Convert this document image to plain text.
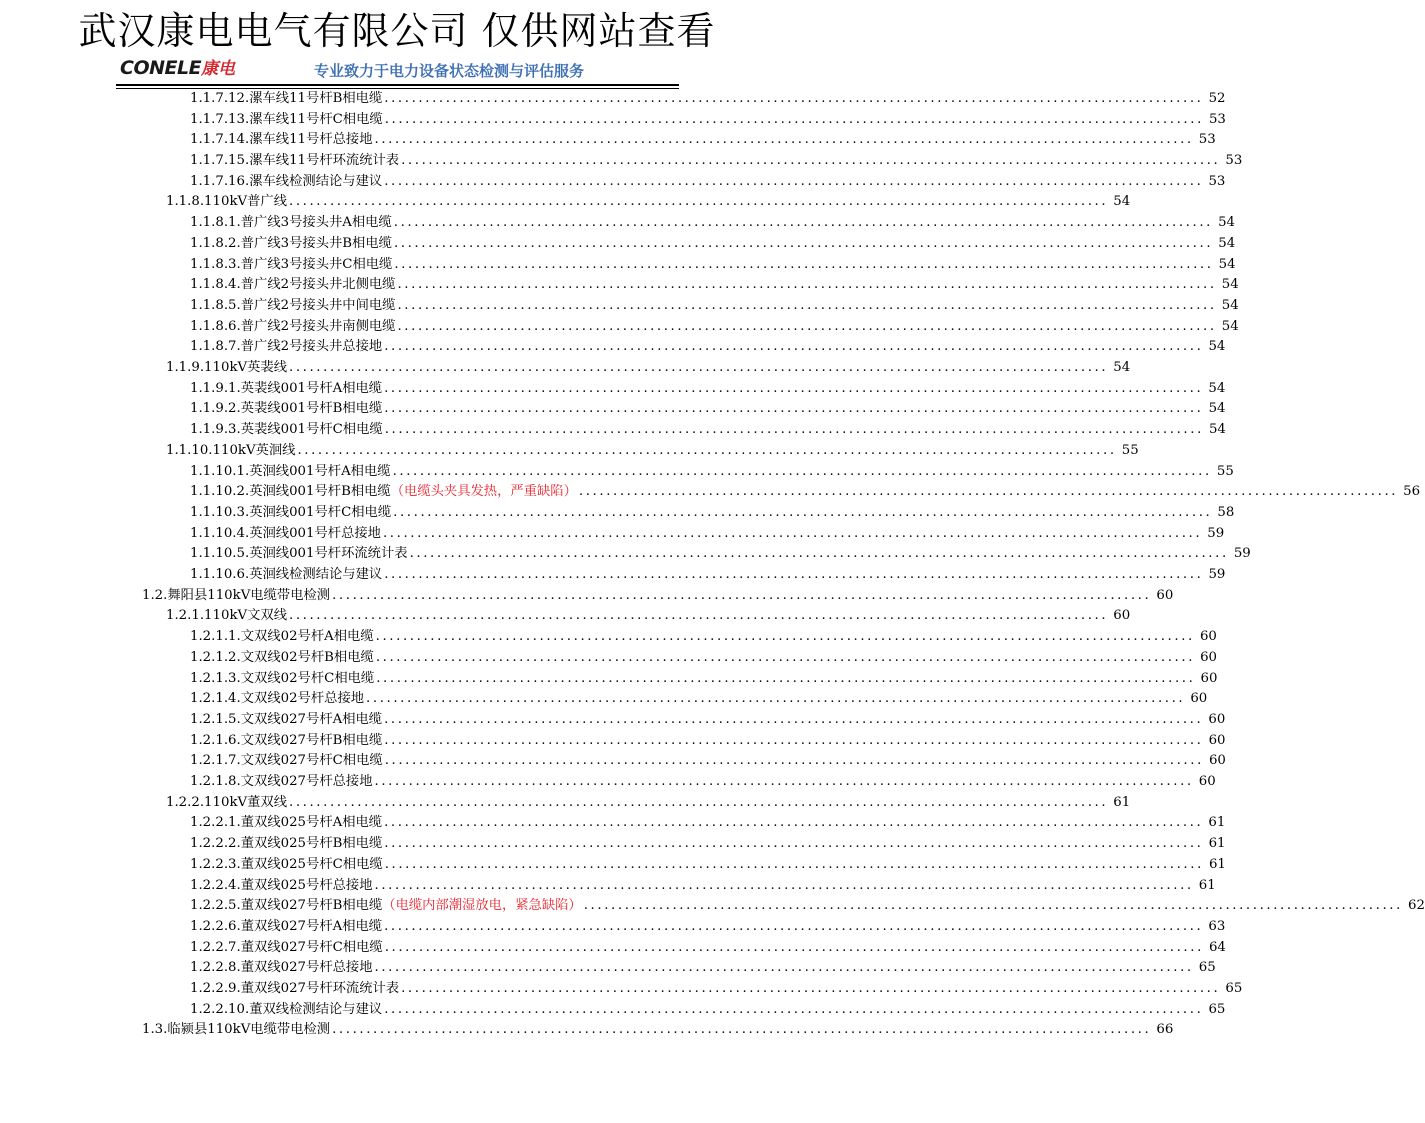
武汉康电电气有限公司 仅供网站查看
CONELE康电	专业致力于电力设备状态检测与评估服务
1.1.7.12.漯车线11号杆B相电缆 ........................................................................................................................ 52
1.1.7.13.漯车线11号杆C相电缆 ........................................................................................................................ 53
1.1.7.14.漯车线11号杆总接地 ........................................................................................................................ 53
1.1.7.15.漯车线11号杆环流统计表 ........................................................................................................................ 53
1.1.7.16.漯车线检测结论与建议 ........................................................................................................................ 53
1.1.8.110kV普广线 ........................................................................................................................ 54
1.1.8.1.普广线3号接头井A相电缆 ........................................................................................................................ 54
1.1.8.2.普广线3号接头井B相电缆 ........................................................................................................................ 54
1.1.8.3.普广线3号接头井C相电缆 ........................................................................................................................ 54
1.1.8.4.普广线2号接头井北侧电缆 ........................................................................................................................ 54
1.1.8.5.普广线2号接头井中间电缆 ........................................................................................................................ 54
1.1.8.6.普广线2号接头井南侧电缆 ........................................................................................................................ 54
1.1.8.7.普广线2号接头井总接地 ........................................................................................................................ 54
1.1.9.110kV英裴线 ........................................................................................................................ 54
1.1.9.1.英裴线001号杆A相电缆 ........................................................................................................................ 54
1.1.9.2.英裴线001号杆B相电缆 ........................................................................................................................ 54
1.1.9.3.英裴线001号杆C相电缆 ........................................................................................................................ 54
1.1.10.110kV英洄线 ........................................................................................................................ 55
1.1.10.1.英洄线001号杆A相电缆 ........................................................................................................................ 55
1.1.10.2.英洄线001号杆B相电缆 （电缆头夹具发热，严重缺陷） ........................................................................................................................ 56
1.1.10.3.英洄线001号杆C相电缆 ........................................................................................................................ 58
1.1.10.4.英洄线001号杆总接地 ........................................................................................................................ 59
1.1.10.5.英洄线001号杆环流统计表 ........................................................................................................................ 59
1.1.10.6.英洄线检测结论与建议 ........................................................................................................................ 59
1.2.舞阳县110kV电缆带电检测 ........................................................................................................................ 60
1.2.1.110kV文双线 ........................................................................................................................ 60
1.2.1.1.文双线02号杆A相电缆 ........................................................................................................................ 60
1.2.1.2.文双线02号杆B相电缆 ........................................................................................................................ 60
1.2.1.3.文双线02号杆C相电缆 ........................................................................................................................ 60
1.2.1.4.文双线02号杆总接地 ........................................................................................................................ 60
1.2.1.5.文双线027号杆A相电缆 ........................................................................................................................ 60
1.2.1.6.文双线027号杆B相电缆 ........................................................................................................................ 60
1.2.1.7.文双线027号杆C相电缆 ........................................................................................................................ 60
1.2.1.8.文双线027号杆总接地 ........................................................................................................................ 60
1.2.2.110kV董双线 ........................................................................................................................ 61
1.2.2.1.董双线025号杆A相电缆 ........................................................................................................................ 61
1.2.2.2.董双线025号杆B相电缆 ........................................................................................................................ 61
1.2.2.3.董双线025号杆C相电缆 ........................................................................................................................ 61
1.2.2.4.董双线025号杆总接地 ........................................................................................................................ 61
1.2.2.5.董双线027号杆B相电缆 （电缆内部潮湿放电，紧急缺陷） ........................................................................................................................ 62
1.2.2.6.董双线027号杆A相电缆 ........................................................................................................................ 63
1.2.2.7.董双线027号杆C相电缆 ........................................................................................................................ 64
1.2.2.8.董双线027号杆总接地 ........................................................................................................................ 65
1.2.2.9.董双线027号杆环流统计表 ........................................................................................................................ 65
1.2.2.10.董双线检测结论与建议 ........................................................................................................................ 65
1.3.临颍县110kV电缆带电检测 ........................................................................................................................ 66
